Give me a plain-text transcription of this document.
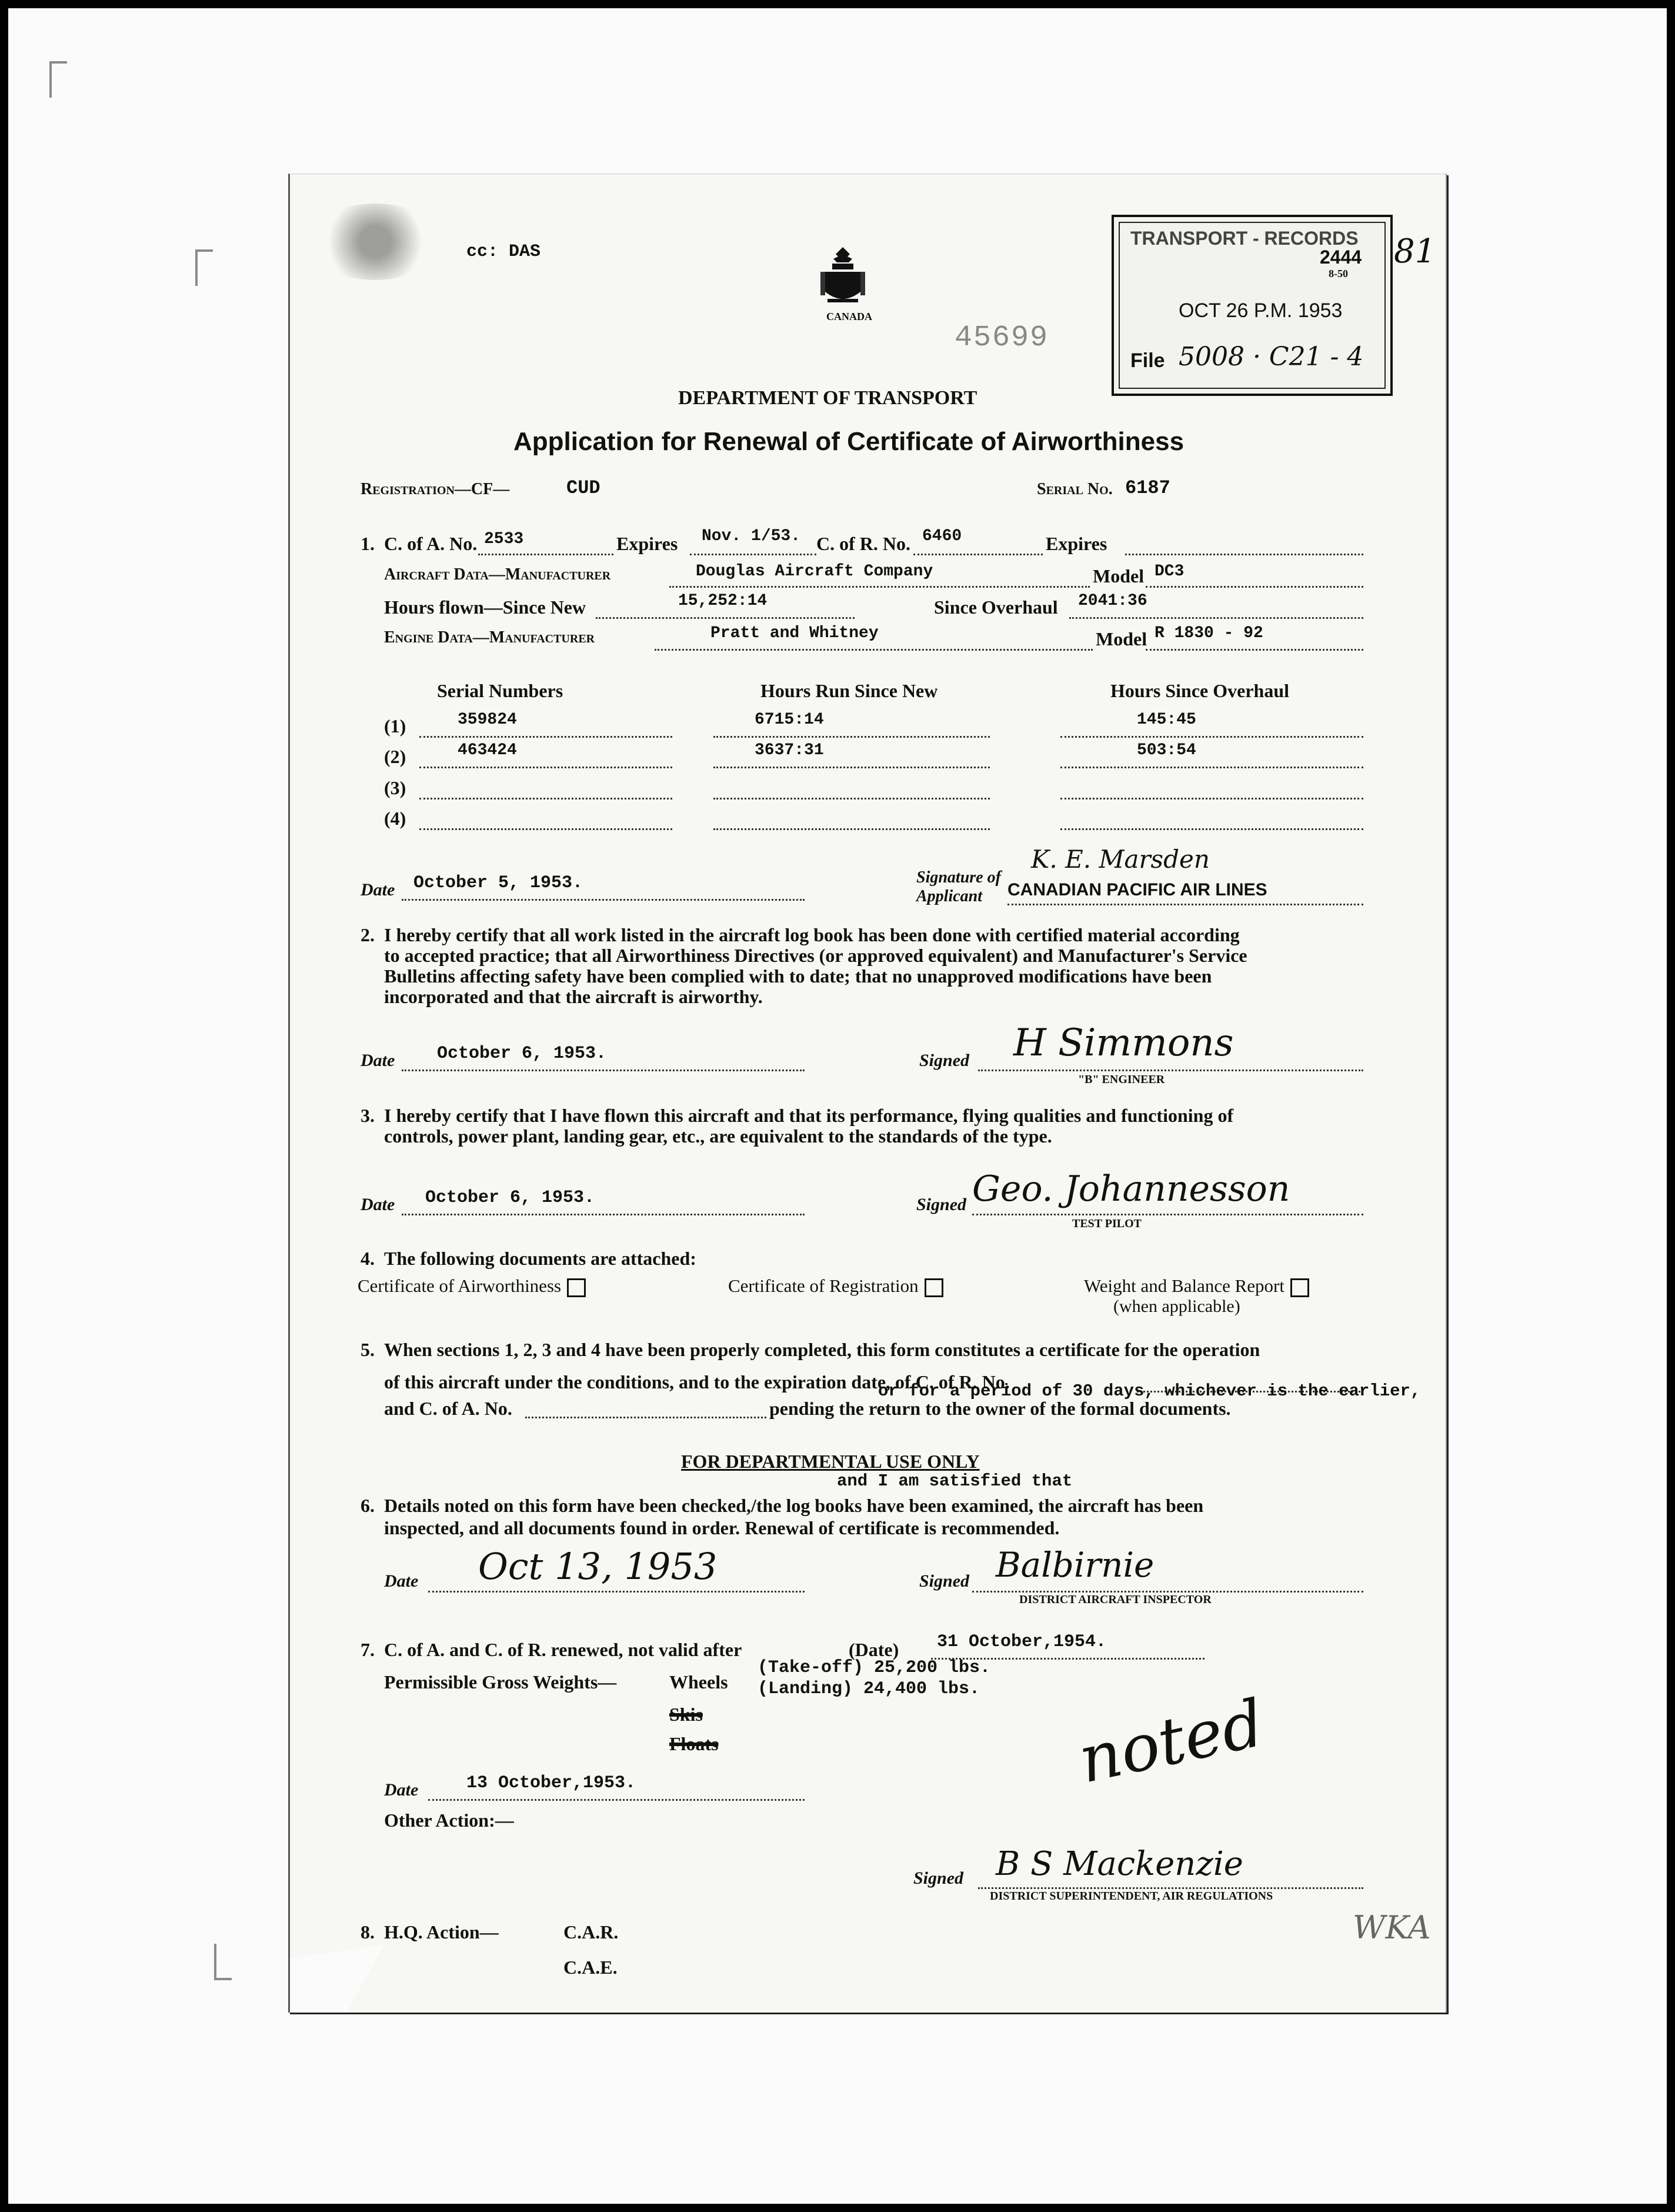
cc: DAS
CANADA
45699
DEPARTMENT OF TRANSPORT
Application for Renewal of Certificate of Airworthiness
Registration—CF—	CUD	Serial No. 6187
1. C. of A. No. 2533	Expires Nov. 1/53. C. of R. No. 6460	Expires
Aircraft Data—Manufacturer	Douglas Aircraft Company	Model DC3
Hours flown—Since New	15,252:14	Since Overhaul 2041:36
Engine Data—Manufacturer	Pratt and Whitney	Model R 1830 - 92
Serial Numbers	Hours Run Since New	Hours Since Overhaul
(1)	359824	6715:14	145:45
(2)	463424	3637:31	503:54
(3)
(4)
Date October 5, 1953.	Signature of
Applicant
K. E. Marsden
CANADIAN PACIFIC AIR LINES
2. I hereby certify that all work listed in the aircraft log book has been done with certified material according
to accepted practice; that all Airworthiness Directives (or approved equivalent) and Manufacturer's Service
Bulletins affecting safety have been complied with to date; that no unapproved modifications have been
incorporated and that the aircraft is airworthy.
Date October 6, 1953.	Signed H Simmons
"B" ENGINEER
3. I hereby certify that I have flown this aircraft and that its performance, flying qualities and functioning of
controls, power plant, landing gear, etc., are equivalent to the standards of the type.
Date October 6, 1953.	Signed Geo. Johannesson
TEST PILOT
4. The following documents are attached:
Certificate of Airworthiness	Certificate of Registration	Weight and Balance Report
(when applicable)
5. When sections 1, 2, 3 and 4 have been properly completed, this form constitutes a certificate for the operation
of this aircraft under the conditions, and to the expiration date, of C. of R. No.
or for a period of 30 days, whichever is the earlier,
and C. of A. No.	pending the return to the owner of the formal documents.
FOR DEPARTMENTAL USE ONLY
and I am satisfied that
6. Details noted on this form have been checked,/the log books have been examined, the aircraft has been
inspected, and all documents found in order. Renewal of certificate is recommended.
Date Oct 13, 1953	Signed Balbirnie
DISTRICT AIRCRAFT INSPECTOR
7. C. of A. and C. of R. renewed, not valid after	(Date) 31 October,1954.
Permissible Gross Weights—	Wheels
(Take-off) 25,200 lbs.
(Landing) 24,400 lbs.
Skis
Floats
Date	13 October,1953.
Other Action:—
noted
Signed B S Mackenzie
DISTRICT SUPERINTENDENT, AIR REGULATIONS
8. H.Q. Action—	C.A.R.
C.A.E.
TRANSPORT - RECORDS
2444
8-50
OCT 26 P.M. 1953
File 5008 · C21 - 4
81
WKA
